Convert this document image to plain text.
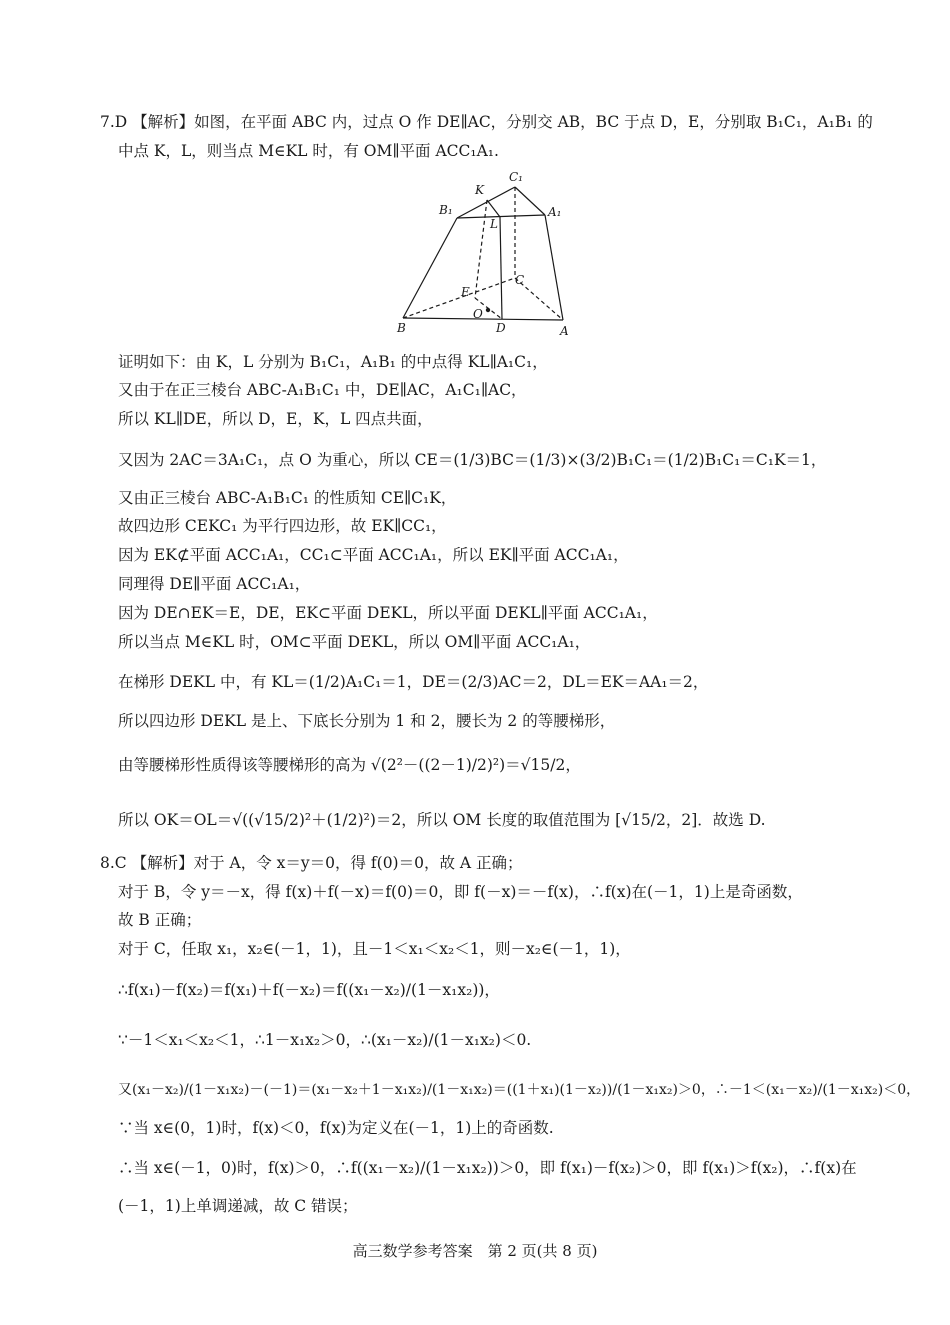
7.D 【解析】如图，在平面 ABC 内，过点 O 作 DE∥AC，分别交 AB，BC 于点 D，E，分别取 B₁C₁，A₁B₁ 的
中点 K，L，则当点 M∈KL 时，有 OM∥平面 ACC₁A₁.
K
C₁
B₁	A₁
L
C
E
O
B	D	A
证明如下：由 K，L 分别为 B₁C₁，A₁B₁ 的中点得 KL∥A₁C₁，
又由于在正三棱台 ABC-A₁B₁C₁ 中，DE∥AC，A₁C₁∥AC，
所以 KL∥DE，所以 D，E，K，L 四点共面，
又因为 2AC＝3A₁C₁，点 O 为重心，所以 CE＝(1/3)BC＝(1/3)×(3/2)B₁C₁＝(1/2)B₁C₁＝C₁K＝1，
又由正三棱台 ABC-A₁B₁C₁ 的性质知 CE∥C₁K，
故四边形 CEKC₁ 为平行四边形，故 EK∥CC₁，
因为 EK⊄平面 ACC₁A₁，CC₁⊂平面 ACC₁A₁，所以 EK∥平面 ACC₁A₁，
同理得 DE∥平面 ACC₁A₁，
因为 DE∩EK＝E，DE，EK⊂平面 DEKL，所以平面 DEKL∥平面 ACC₁A₁，
所以当点 M∈KL 时，OM⊂平面 DEKL，所以 OM∥平面 ACC₁A₁，
在梯形 DEKL 中，有 KL＝(1/2)A₁C₁＝1，DE＝(2/3)AC＝2，DL＝EK＝AA₁＝2，
所以四边形 DEKL 是上、下底长分别为 1 和 2，腰长为 2 的等腰梯形，
由等腰梯形性质得该等腰梯形的高为 √(2²－((2－1)/2)²)＝√15/2，
所以 OK＝OL＝√((√15/2)²＋(1/2)²)＝2，所以 OM 长度的取值范围为 [√15/2，2]．故选 D.
8.C 【解析】对于 A，令 x＝y＝0，得 f(0)＝0，故 A 正确；
对于 B，令 y＝－x，得 f(x)＋f(－x)＝f(0)＝0，即 f(－x)＝－f(x)，∴f(x)在(－1，1)上是奇函数，
故 B 正确；
对于 C，任取 x₁，x₂∈(－1，1)，且－1＜x₁＜x₂＜1，则－x₂∈(－1，1)，
∴f(x₁)－f(x₂)＝f(x₁)＋f(－x₂)＝f((x₁－x₂)/(1－x₁x₂))，
∵－1＜x₁＜x₂＜1，∴1－x₁x₂＞0，∴(x₁－x₂)/(1－x₁x₂)＜0.
又(x₁－x₂)/(1－x₁x₂)－(－1)＝(x₁－x₂＋1－x₁x₂)/(1－x₁x₂)＝((1＋x₁)(1－x₂))/(1－x₁x₂)＞0，∴－1＜(x₁－x₂)/(1－x₁x₂)＜0，
∵当 x∈(0，1)时，f(x)＜0，f(x)为定义在(－1，1)上的奇函数.
∴当 x∈(－1，0)时，f(x)＞0，∴f((x₁－x₂)/(1－x₁x₂))＞0，即 f(x₁)－f(x₂)＞0，即 f(x₁)＞f(x₂)，∴f(x)在
(－1，1)上单调递减，故 C 错误；
高三数学参考答案　第 2 页(共 8 页)
